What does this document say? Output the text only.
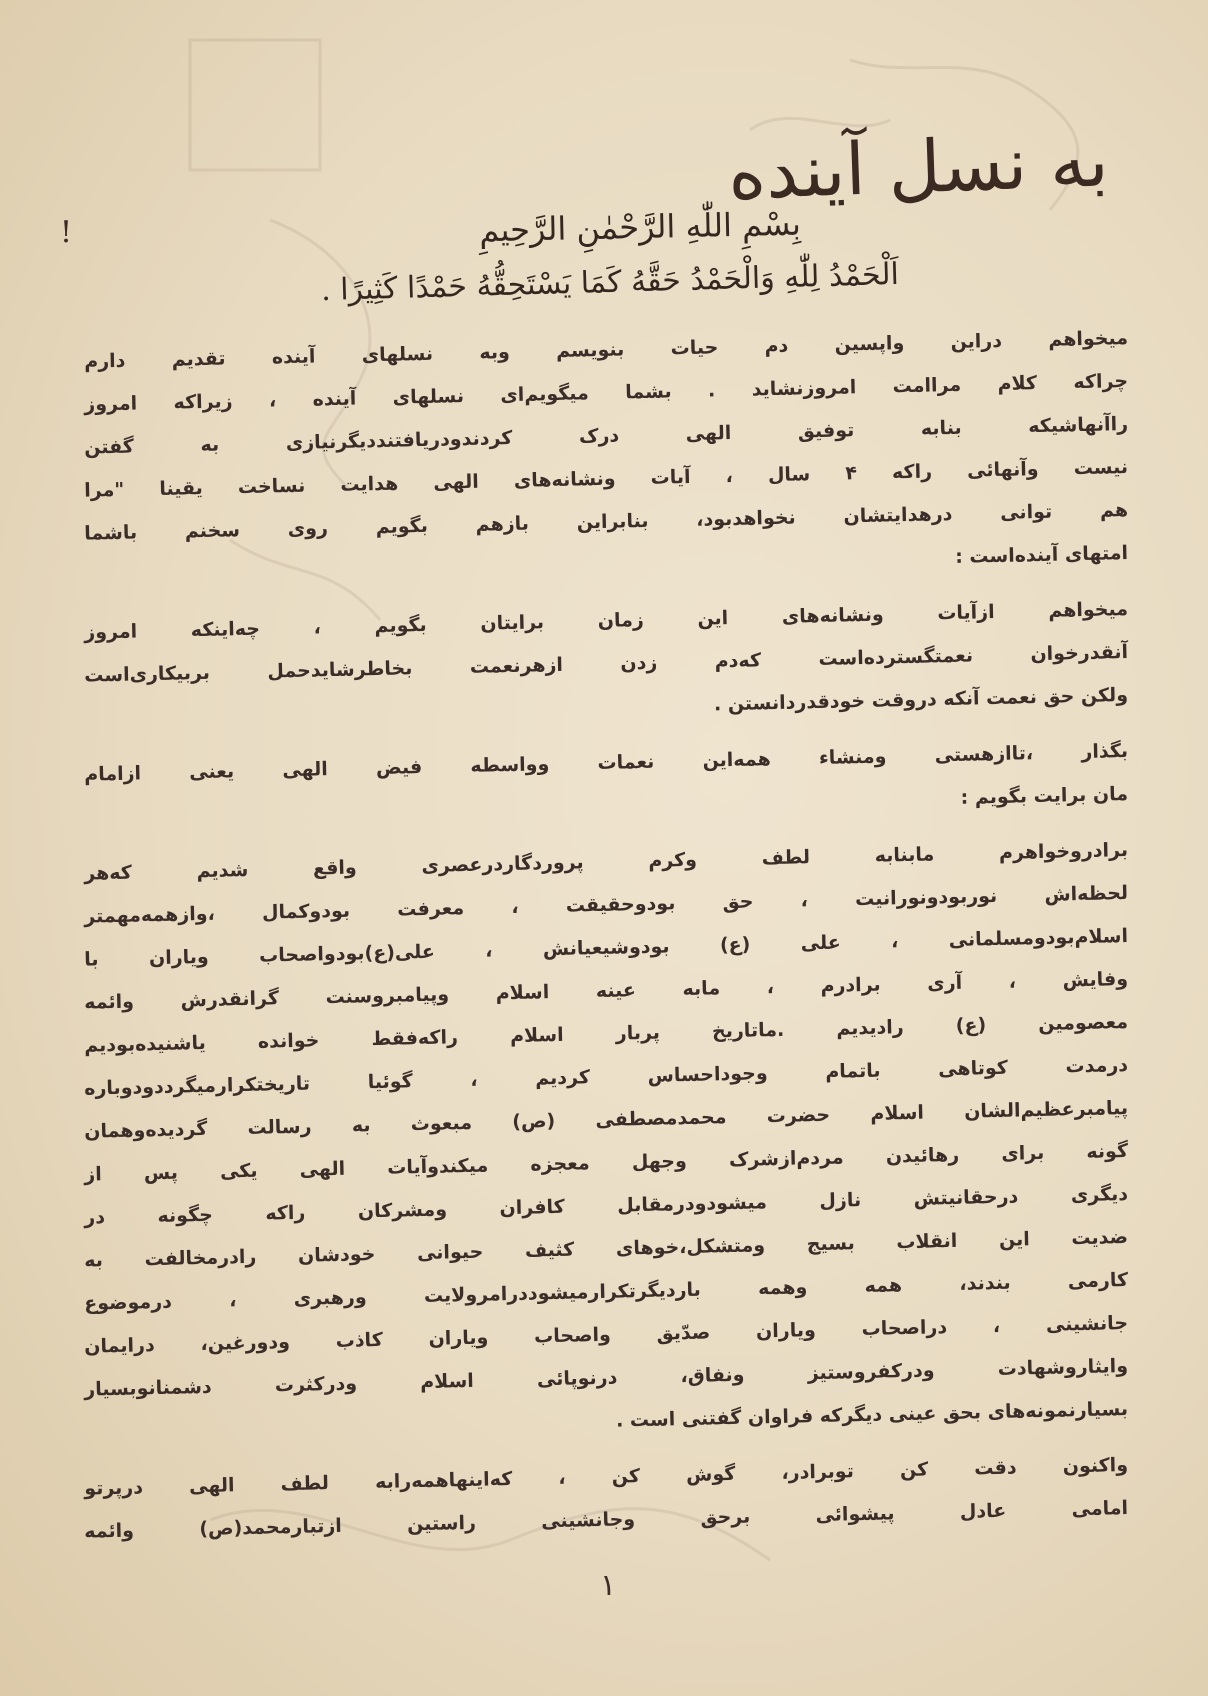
به نسل آینده
!	بِسْمِ اللّٰهِ الرَّحْمٰنِ الرَّحِیمِ
اَلْحَمْدُ لِلّٰهِ وَالْحَمْدُ حَقَّهُ کَمَا یَسْتَحِقُّهُ حَمْدًا کَثِیرًا .
میخواهم دراین واپسین دم حیات بنویسم وبه نسلهای آینده تقدیم دارم
چراکه کلام مراامت امروزنشاید . بشما میگویم‌ای نسلهای آینده ، زیراکه امروز
راآنهاشیکه بنابه توفیق الهی درک کردندودریافتنددیگرنیازی به گفتن
نیست وآنهائی راکه ۴ سال ، آیات ونشانه‌های الهی هدایت نساخت یقینا "مرا
هم توانی درهدایتشان نخواهدبود، بنابراین بازهم بگویم روی سخنم باشما
امتهای آینده‌است :
میخواهم ازآیات ونشانه‌های این زمان برایتان بگویم ، چه‌اینکه امروز
آنقدرخوان نعمتگسترده‌است که‌دم زدن ازهرنعمت بخاطرشاید‌حمل بربیکاری‌است
ولکن حق نعمت آنکه دروقت خودقدردانستن .
بگذار ،تاازهستی ومنشاء همه‌این نعمات وواسطه فیض الهی یعنی ازامام
مان برایت بگویم :
برادروخواهرم مابنابه لطف وکرم پروردگاردرعصری واقع شدیم که‌هر
لحظه‌اش نوربودونورانیت ، حق بودوحقیقت ، معرفت بودوکمال ،وازهمه‌مهمتر
اسلام‌بودومسلمانی ، علی (ع) بودوشیعیانش ، علی(ع)بودواصحاب ویاران با
وفایش ، آری برادرم ، مابه عینه اسلام وپیامبروسنت گرانقدرش وائمه
معصومین (ع) رادیدیم .ماتاریخ پربار اسلام راکه‌فقط خوانده یاشنیده‌بودیم
درمدت کوتاهی باتمام وجوداحساس کردیم ، گوئیا تاریختکرارمیگرددودوباره
پیامبرعظیم‌الشان اسلام حضرت محمدمصطفی (ص) مبعوث به رسالت گردیده‌وهمان
گونه برای رهائیدن مردم‌ازشرک وجهل معجزه میکندوآیات الهی یکی پس از
دیگری درحقانیتش نازل میشودودرمقابل کافران ومشرکان راکه چگونه در
ضدیت این انقلاب بسیج ومتشکل،خوهای کثیف حیوانی خودشان رادرمخالفت به
کارمی بندند، همه وهمه باردیگرتکرارمیشوددرامرولایت ورهبری ، درموضوع
جانشینی ، دراصحاب ویاران صدّیق واصحاب ویاران کاذب ودورغین، درایمان
وایثاروشهادت ودرکفروستیز ونفاق، درنوپائی اسلام ودرکثرت دشمنانوبسیار
بسیارنمونه‌های بحق عینی دیگرکه فراوان گفتنی است .
واکنون دقت کن توبرادر، گوش کن ، که‌اینهاهمه‌رابه لطف الهی درپرتو
امامی عادل پیشوائی برحق وجانشینی راستین ازتبارمحمد(ص) وائمه
۱
